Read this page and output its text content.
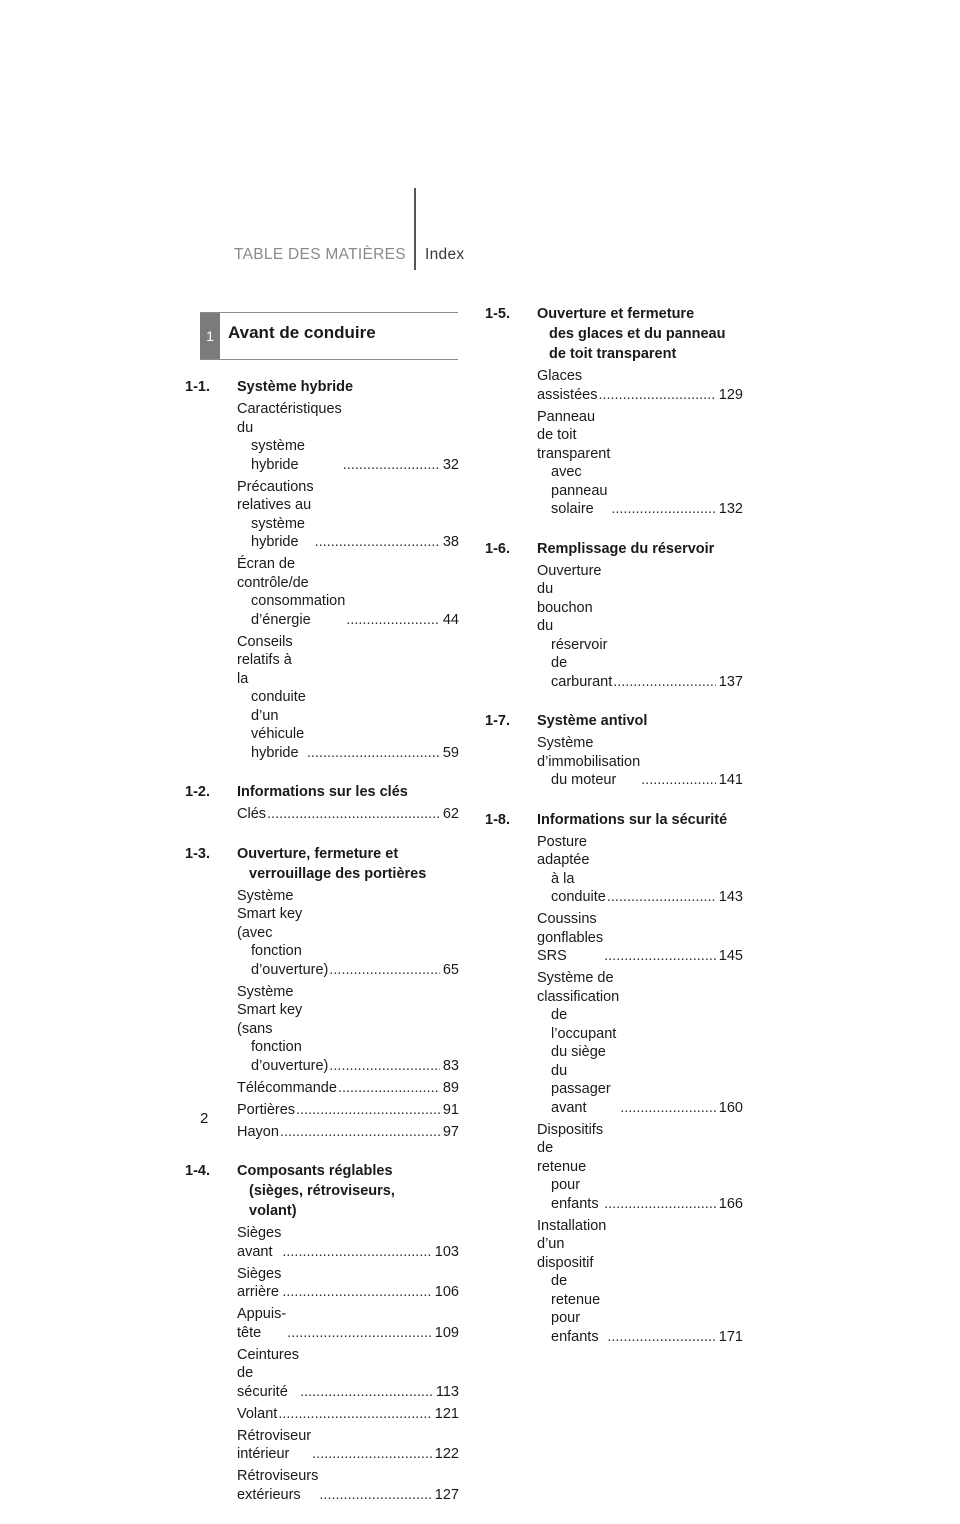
TABLE DES MATIÈRES Index
1 Avant de conduire
1-1.	Système hybride
Caractéristiques du
système hybride .....	32
Précautions relatives au
système hybride .....	38
Écran de contrôle/de
consommation d’énergie .....	44
Conseils relatifs à la
conduite d’un véhicule
hybride .....	59
1-2.	Informations sur les clés
Clés .....	62
1-3.	Ouverture, fermeture et
verrouillage des portières
Système Smart key (avec
fonction d’ouverture) .....	65
Système Smart key (sans
fonction d’ouverture) .....	83
Télécommande .....	89
Portières .....	91
Hayon .....	97
1-4.	Composants réglables
(sièges, rétroviseurs,
volant)
Sièges avant .....	103
Sièges arrière .....	106
Appuis-tête .....	109
Ceintures de sécurité .....	113
Volant .....	121
Rétroviseur intérieur .....	122
Rétroviseurs extérieurs .....	127
1-5.	Ouverture et fermeture
des glaces et du panneau
de toit transparent
Glaces assistées .....	129
Panneau de toit transparent
avec panneau solaire .....	132
1-6.	Remplissage du réservoir
Ouverture du bouchon du
réservoir de carburant .....	137
1-7.	Système antivol
Système d’immobilisation
du moteur .....	141
1-8.	Informations sur la sécurité
Posture adaptée
à la conduite .....	143
Coussins gonflables SRS .....	145
Système de classification
de l’occupant du siège
du passager avant .....	160
Dispositifs de retenue
pour enfants .....	166
Installation d’un dispositif
de retenue pour enfants .....	171
2
